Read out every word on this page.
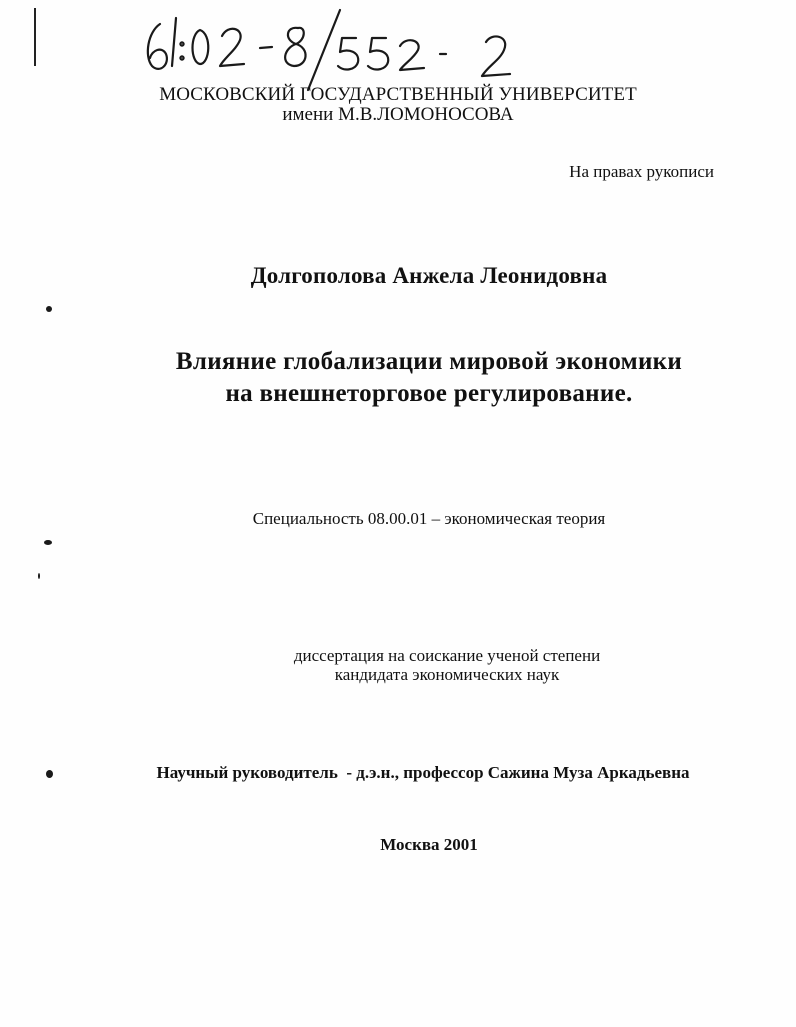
МОСКОВСКИЙ ГОСУДАРСТВЕННЫЙ УНИВЕРСИТЕТ

имени М.В.ЛОМОНОСОВА

На правах рукописи

Долгополова Анжела Леонидовна

Влияние глобализации мировой экономики

на внешнеторговое регулирование.

Специальность 08.00.01 – экономическая теория

диссертация на соискание ученой степени

кандидата экономических наук

Научный руководитель  - д.э.н., профессор Сажина Муза Аркадьевна

Москва 2001
